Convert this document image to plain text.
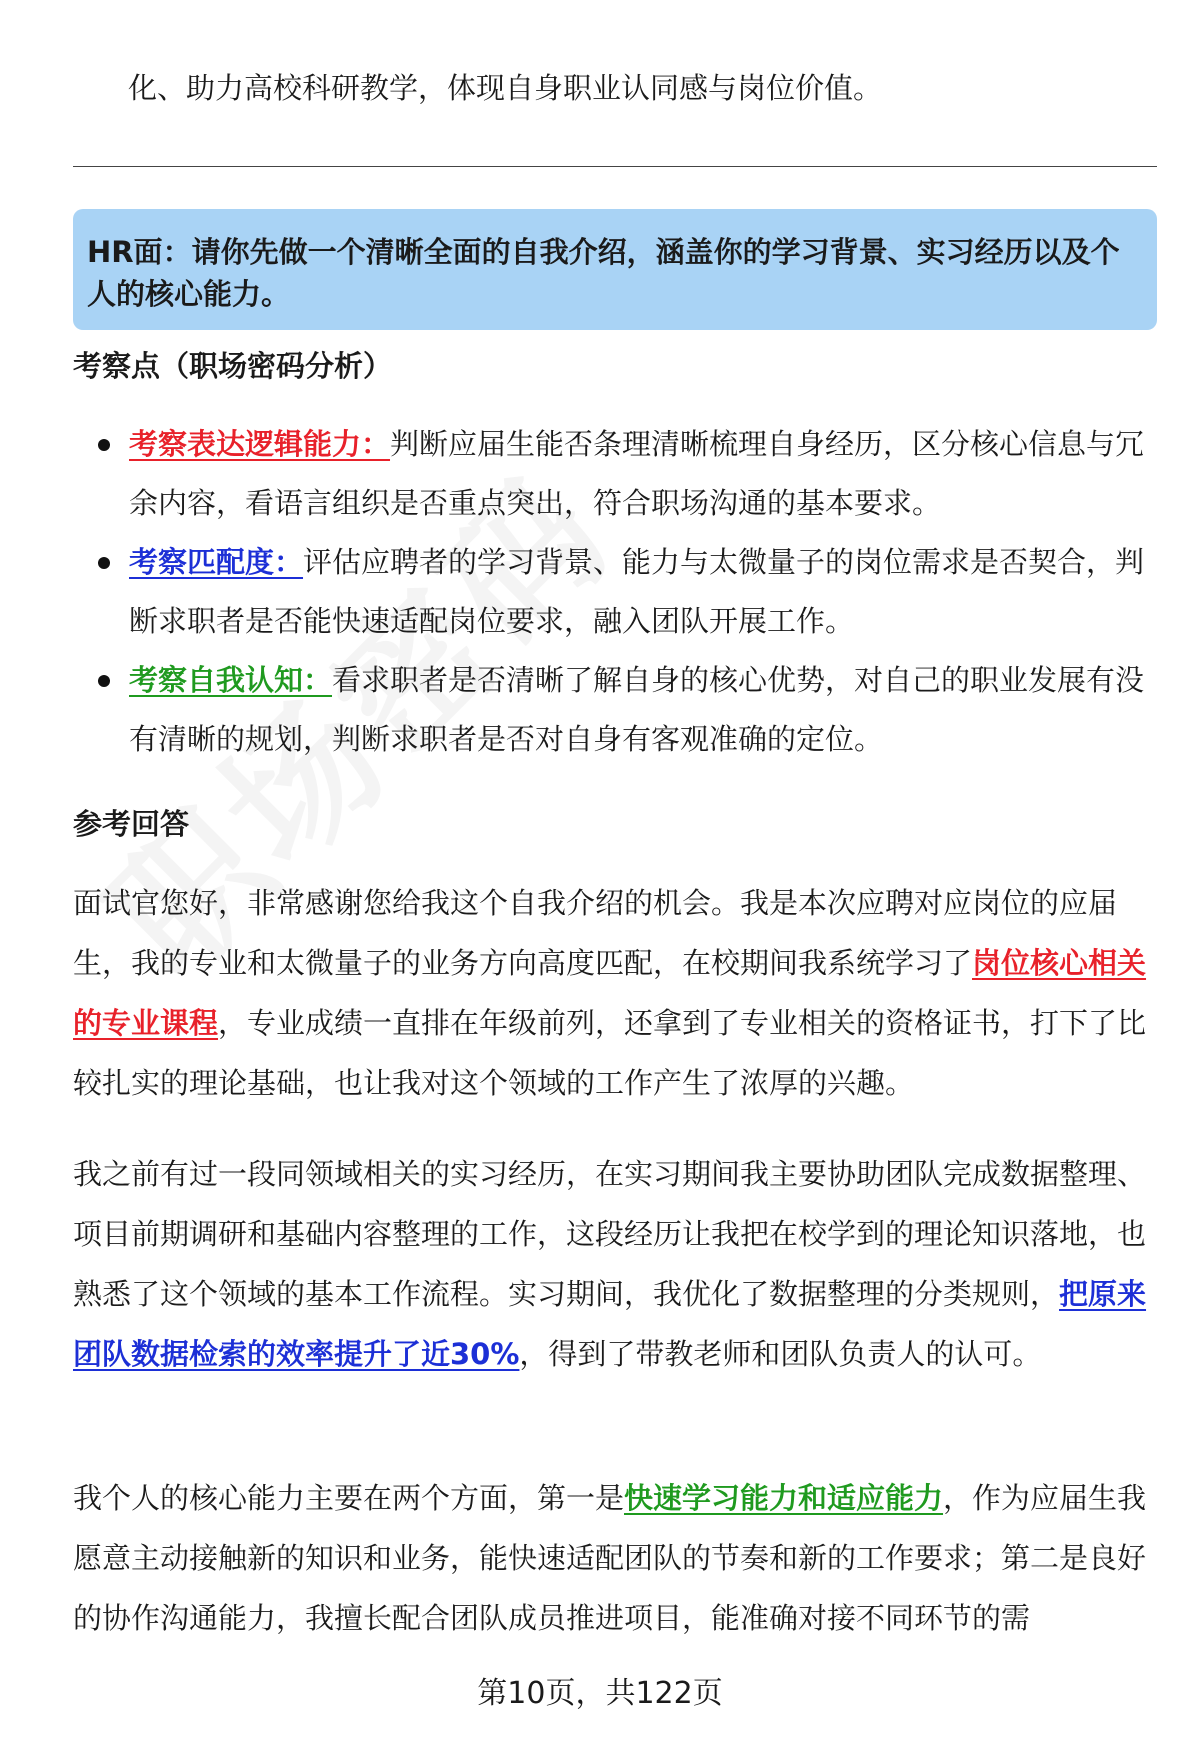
化、助力高校科研教学，体现自身职业认同感与岗位价值。
HR面：请你先做一个清晰全面的自我介绍，涵盖你的学习背景、实习经历以及个人的核心能力。
考察点（职场密码分析）
考察表达逻辑能力：判断应届生能否条理清晰梳理自身经历，区分核心信息与冗余内容，看语言组织是否重点突出，符合职场沟通的基本要求。
考察匹配度：评估应聘者的学习背景、能力与太微量子的岗位需求是否契合，判断求职者是否能快速适配岗位要求，融入团队开展工作。
考察自我认知：看求职者是否清晰了解自身的核心优势，对自己的职业发展有没有清晰的规划，判断求职者是否对自身有客观准确的定位。
参考回答

面试官您好，非常感谢您给我这个自我介绍的机会。我是本次应聘对应岗位的应届生，我的专业和太微量子的业务方向高度匹配，在校期间我系统学习了岗位核心相关的专业课程，专业成绩一直排在年级前列，还拿到了专业相关的资格证书，打下了比较扎实的理论基础，也让我对这个领域的工作产生了浓厚的兴趣。

我之前有过一段同领域相关的实习经历，在实习期间我主要协助团队完成数据整理、项目前期调研和基础内容整理的工作，这段经历让我把在校学到的理论知识落地，也熟悉了这个领域的基本工作流程。实习期间，我优化了数据整理的分类规则，把原来团队数据检索的效率提升了近30%，得到了带教老师和团队负责人的认可。

我个人的核心能力主要在两个方面，第一是快速学习能力和适应能力，作为应届生我愿意主动接触新的知识和业务，能快速适配团队的节奏和新的工作要求；第二是良好的协作沟通能力，我擅长配合团队成员推进项目，能准确对接不同环节的需

第10页，共122页
